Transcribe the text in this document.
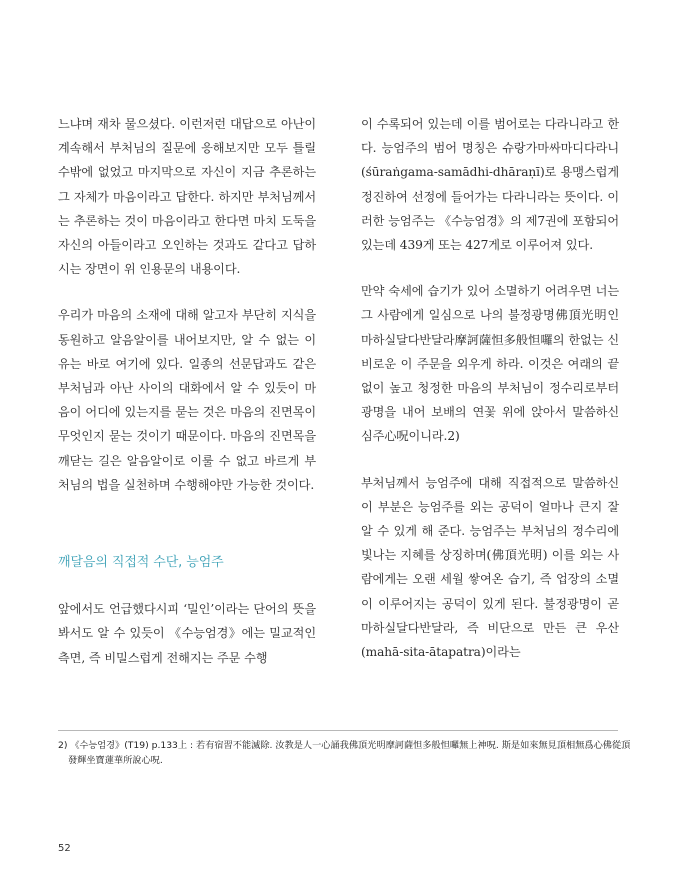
느냐며 재차 물으셨다. 이런저런 대답으로 아난이 계속해서 부처님의 질문에 응해보지만 모두 틀릴 수밖에 없었고 마지막으로 자신이 지금 추론하는 그 자체가 마음이라고 답한다. 하지만 부처님께서는 추론하는 것이 마음이라고 한다면 마치 도둑을 자신의 아들이라고 오인하는 것과도 같다고 답하시는 장면이 위 인용문의 내용이다.

우리가 마음의 소재에 대해 알고자 부단히 지식을 동원하고 알음알이를 내어보지만, 알 수 없는 이유는 바로 여기에 있다. 일종의 선문답과도 같은 부처님과 아난 사이의 대화에서 알 수 있듯이 마음이 어디에 있는지를 묻는 것은 마음의 진면목이 무엇인지 묻는 것이기 때문이다. 마음의 진면목을 깨닫는 길은 알음알이로 이룰 수 없고 바르게 부처님의 법을 실천하며 수행해야만 가능한 것이다.

깨달음의 직접적 수단, 능엄주

앞에서도 언급했다시피 ‘밀인’이라는 단어의 뜻을 봐서도 알 수 있듯이 《수능엄경》에는 밀교적인 측면, 즉 비밀스럽게 전해지는 주문 수행

이 수록되어 있는데 이를 범어로는 다라니라고 한다. 능엄주의 범어 명칭은 슈랑가마싸마디다라니(śūraṅgama-samādhi-dhāraṇī)로 용맹스럽게 정진하여 선정에 들어가는 다라니라는 뜻이다. 이러한 능엄주는 《수능엄경》의 제7권에 포함되어 있는데 439게 또는 427게로 이루어져 있다.

만약 숙세에 습기가 있어 소멸하기 어려우면 너는 그 사람에게 일심으로 나의 불정광명佛頂光明인 마하실달다반달라摩訶薩怛多般怛囉의 한없는 신비로운 이 주문을 외우게 하라. 이것은 여래의 끝없이 높고 청정한 마음의 부처님이 정수리로부터 광명을 내어 보배의 연꽃 위에 앉아서 말씀하신 심주心呪이니라.2)

부처님께서 능엄주에 대해 직접적으로 말씀하신 이 부분은 능엄주를 외는 공덕이 얼마나 큰지 잘 알 수 있게 해 준다. 능엄주는 부처님의 정수리에 빛나는 지혜를 상징하며(佛頂光明) 이를 외는 사람에게는 오랜 세월 쌓여온 습기, 즉 업장의 소멸이 이루어지는 공덕이 있게 된다. 불정광명이 곧 마하실달다반달라, 즉 비단으로 만든 큰 우산(mahā-sita-ātapatra)이라는

2) 《수능엄경》(T19) p.133上 : 若有宿習不能滅除. 汝教是人一心誦我佛頂光明摩訶薩怛多般怛囉無上神呪. 斯是如來無見頂相無爲心佛從頂
發輝坐寶蓮華所說心呪.
52
